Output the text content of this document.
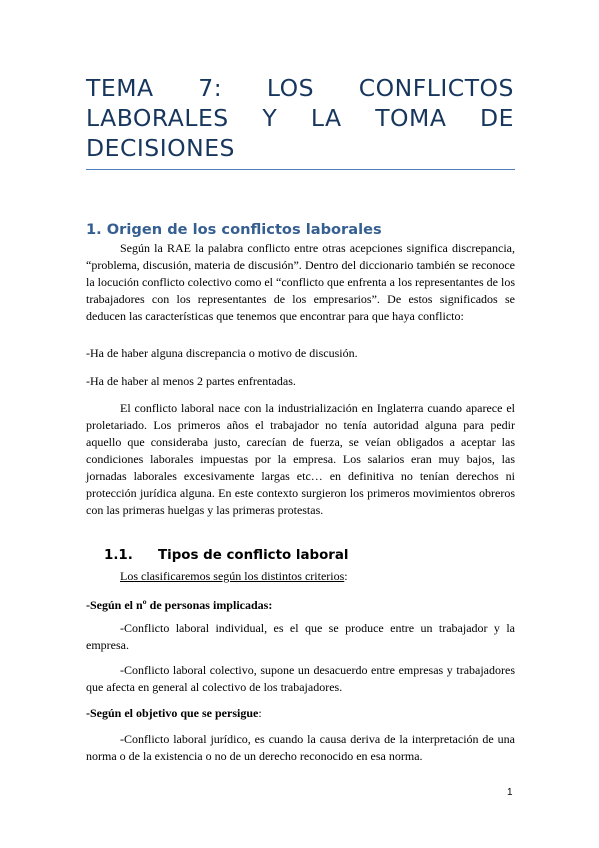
TEMA 7: LOS CONFLICTOS
LABORALES Y LA TOMA DE
DECISIONES
1. Origen de los conflictos laborales
Según la RAE la palabra conflicto entre otras acepciones significa discrepancia, “problema, discusión, materia de discusión”. Dentro del diccionario también se reconoce la locución conflicto colectivo como el “conflicto que enfrenta a los representantes de los trabajadores con los representantes de los empresarios”. De estos significados se deducen las características que tenemos que encontrar para que haya conflicto:
-Ha de haber alguna discrepancia o motivo de discusión.
-Ha de haber al menos 2 partes enfrentadas.
El conflicto laboral nace con la industrialización en Inglaterra cuando aparece el proletariado. Los primeros años el trabajador no tenía autoridad alguna para pedir aquello que consideraba justo, carecían de fuerza, se veían obligados a aceptar las condiciones laborales impuestas por la empresa. Los salarios eran muy bajos, las jornadas laborales excesivamente largas etc… en definitiva no tenían derechos ni protección jurídica alguna. En este contexto surgieron los primeros movimientos obreros con las primeras huelgas y las primeras protestas.
1.1. Tipos de conflicto laboral
Los clasificaremos según los distintos criterios:
-Según el nº de personas implicadas:
-Conflicto laboral individual, es el que se produce entre un trabajador y la empresa.
-Conflicto laboral colectivo, supone un desacuerdo entre empresas y trabajadores que afecta en general al colectivo de los trabajadores.
-Según el objetivo que se persigue:
-Conflicto laboral jurídico, es cuando la causa deriva de la interpretación de una norma o de la existencia o no de un derecho reconocido en esa norma.
1
